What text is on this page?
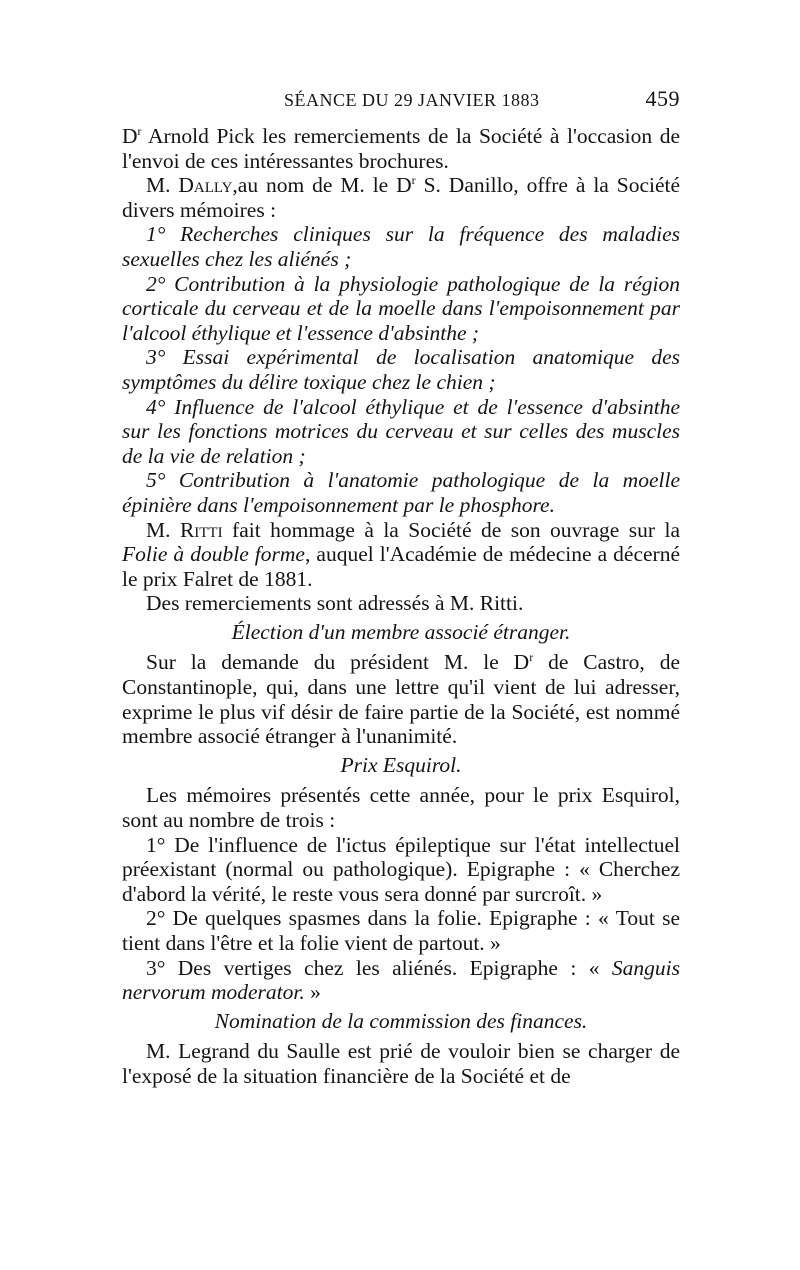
SÉANCE DU 29 JANVIER 1883	459

$D^r$ Arnold Pick les remerciements de la Société à l'occasion de l'envoi de ces intéressantes brochures.

M. Dally,au nom de M. le $D^r$ S. Danillo, offre à la Société divers mémoires :

1° Recherches cliniques sur la fréquence des maladies sexuelles chez les aliénés ;

2° Contribution à la physiologie pathologique de la région corticale du cerveau et de la moelle dans l'empoisonnement par l'alcool éthylique et l'essence d'absinthe ;

3° Essai expérimental de localisation anatomique des symptômes du délire toxique chez le chien ;

4° Influence de l'alcool éthylique et de l'essence d'absinthe sur les fonctions motrices du cerveau et sur celles des muscles de la vie de relation ;

5° Contribution à l'anatomie pathologique de la moelle épinière dans l'empoisonnement par le phosphore.

M. Ritti fait hommage à la Société de son ouvrage sur la Folie à double forme, auquel l'Académie de médecine a décerné le prix Falret de 1881.

Des remerciements sont adressés à M. Ritti.

Élection d'un membre associé étranger.

Sur la demande du président M. le $D^r$ de Castro, de Constantinople, qui, dans une lettre qu'il vient de lui adresser, exprime le plus vif désir de faire partie de la Société, est nommé membre associé étranger à l'unanimité.

Prix Esquirol.

Les mémoires présentés cette année, pour le prix Esquirol, sont au nombre de trois :

1° De l'influence de l'ictus épileptique sur l'état intellectuel préexistant (normal ou pathologique). Epigraphe : « Cherchez d'abord la vérité, le reste vous sera donné par surcroît. »

2° De quelques spasmes dans la folie. Epigraphe : « Tout se tient dans l'être et la folie vient de partout. »

3° Des vertiges chez les aliénés. Epigraphe : « Sanguis nervorum moderator. »

Nomination de la commission des finances.

M. Legrand du Saulle est prié de vouloir bien se charger de l'exposé de la situation financière de la Société et de
